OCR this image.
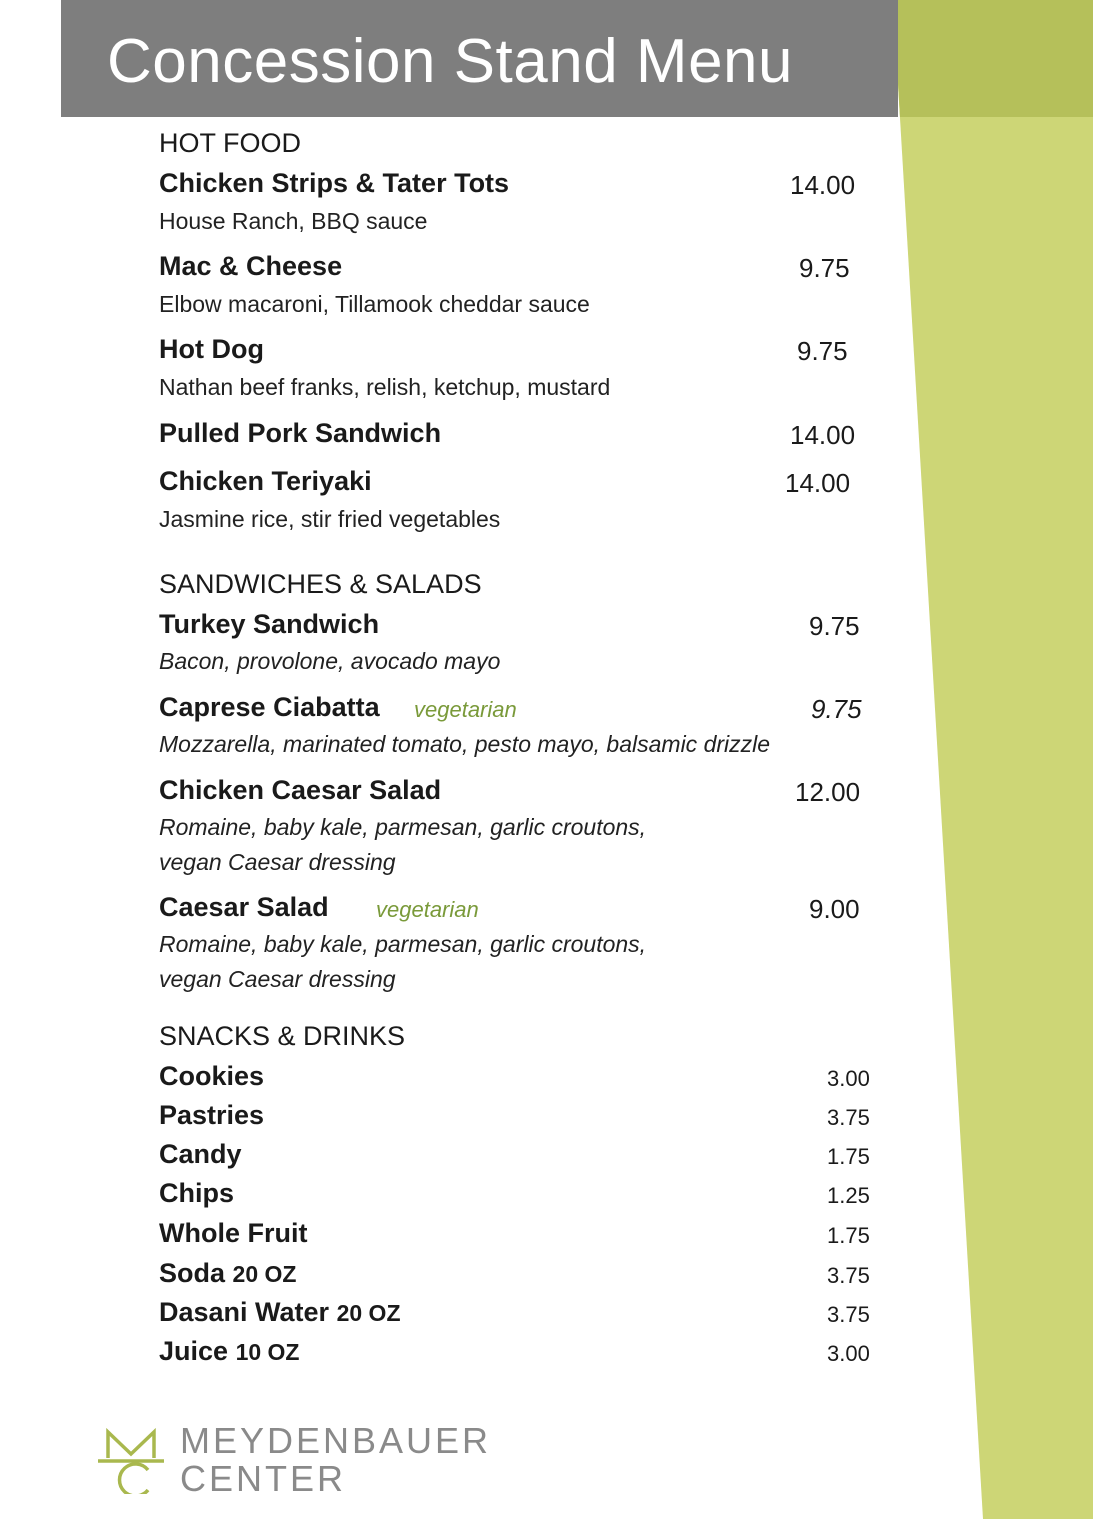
Concession Stand Menu
HOT FOOD
Chicken Strips & Tater Tots	14.00
House Ranch, BBQ sauce
Mac & Cheese	9.75
Elbow macaroni, Tillamook cheddar sauce
Hot Dog	9.75
Nathan beef franks, relish, ketchup, mustard
Pulled Pork Sandwich	14.00
Chicken Teriyaki	14.00
Jasmine rice, stir fried vegetables
SANDWICHES & SALADS
Turkey Sandwich	9.75
Bacon, provolone, avocado mayo
Caprese Ciabatta vegetarian	9.75
Mozzarella, marinated tomato, pesto mayo, balsamic drizzle
Chicken Caesar Salad	12.00
Romaine, baby kale, parmesan, garlic croutons,
vegan Caesar dressing
Caesar Salad vegetarian	9.00
Romaine, baby kale, parmesan, garlic croutons,
vegan Caesar dressing
SNACKS & DRINKS
Cookies	3.00
Pastries	3.75
Candy	1.75
Chips	1.25
Whole Fruit	1.75
Soda 20 OZ	3.75
Dasani Water 20 OZ	3.75
Juice 10 OZ	3.00
MEYDENBAUER
CENTER
